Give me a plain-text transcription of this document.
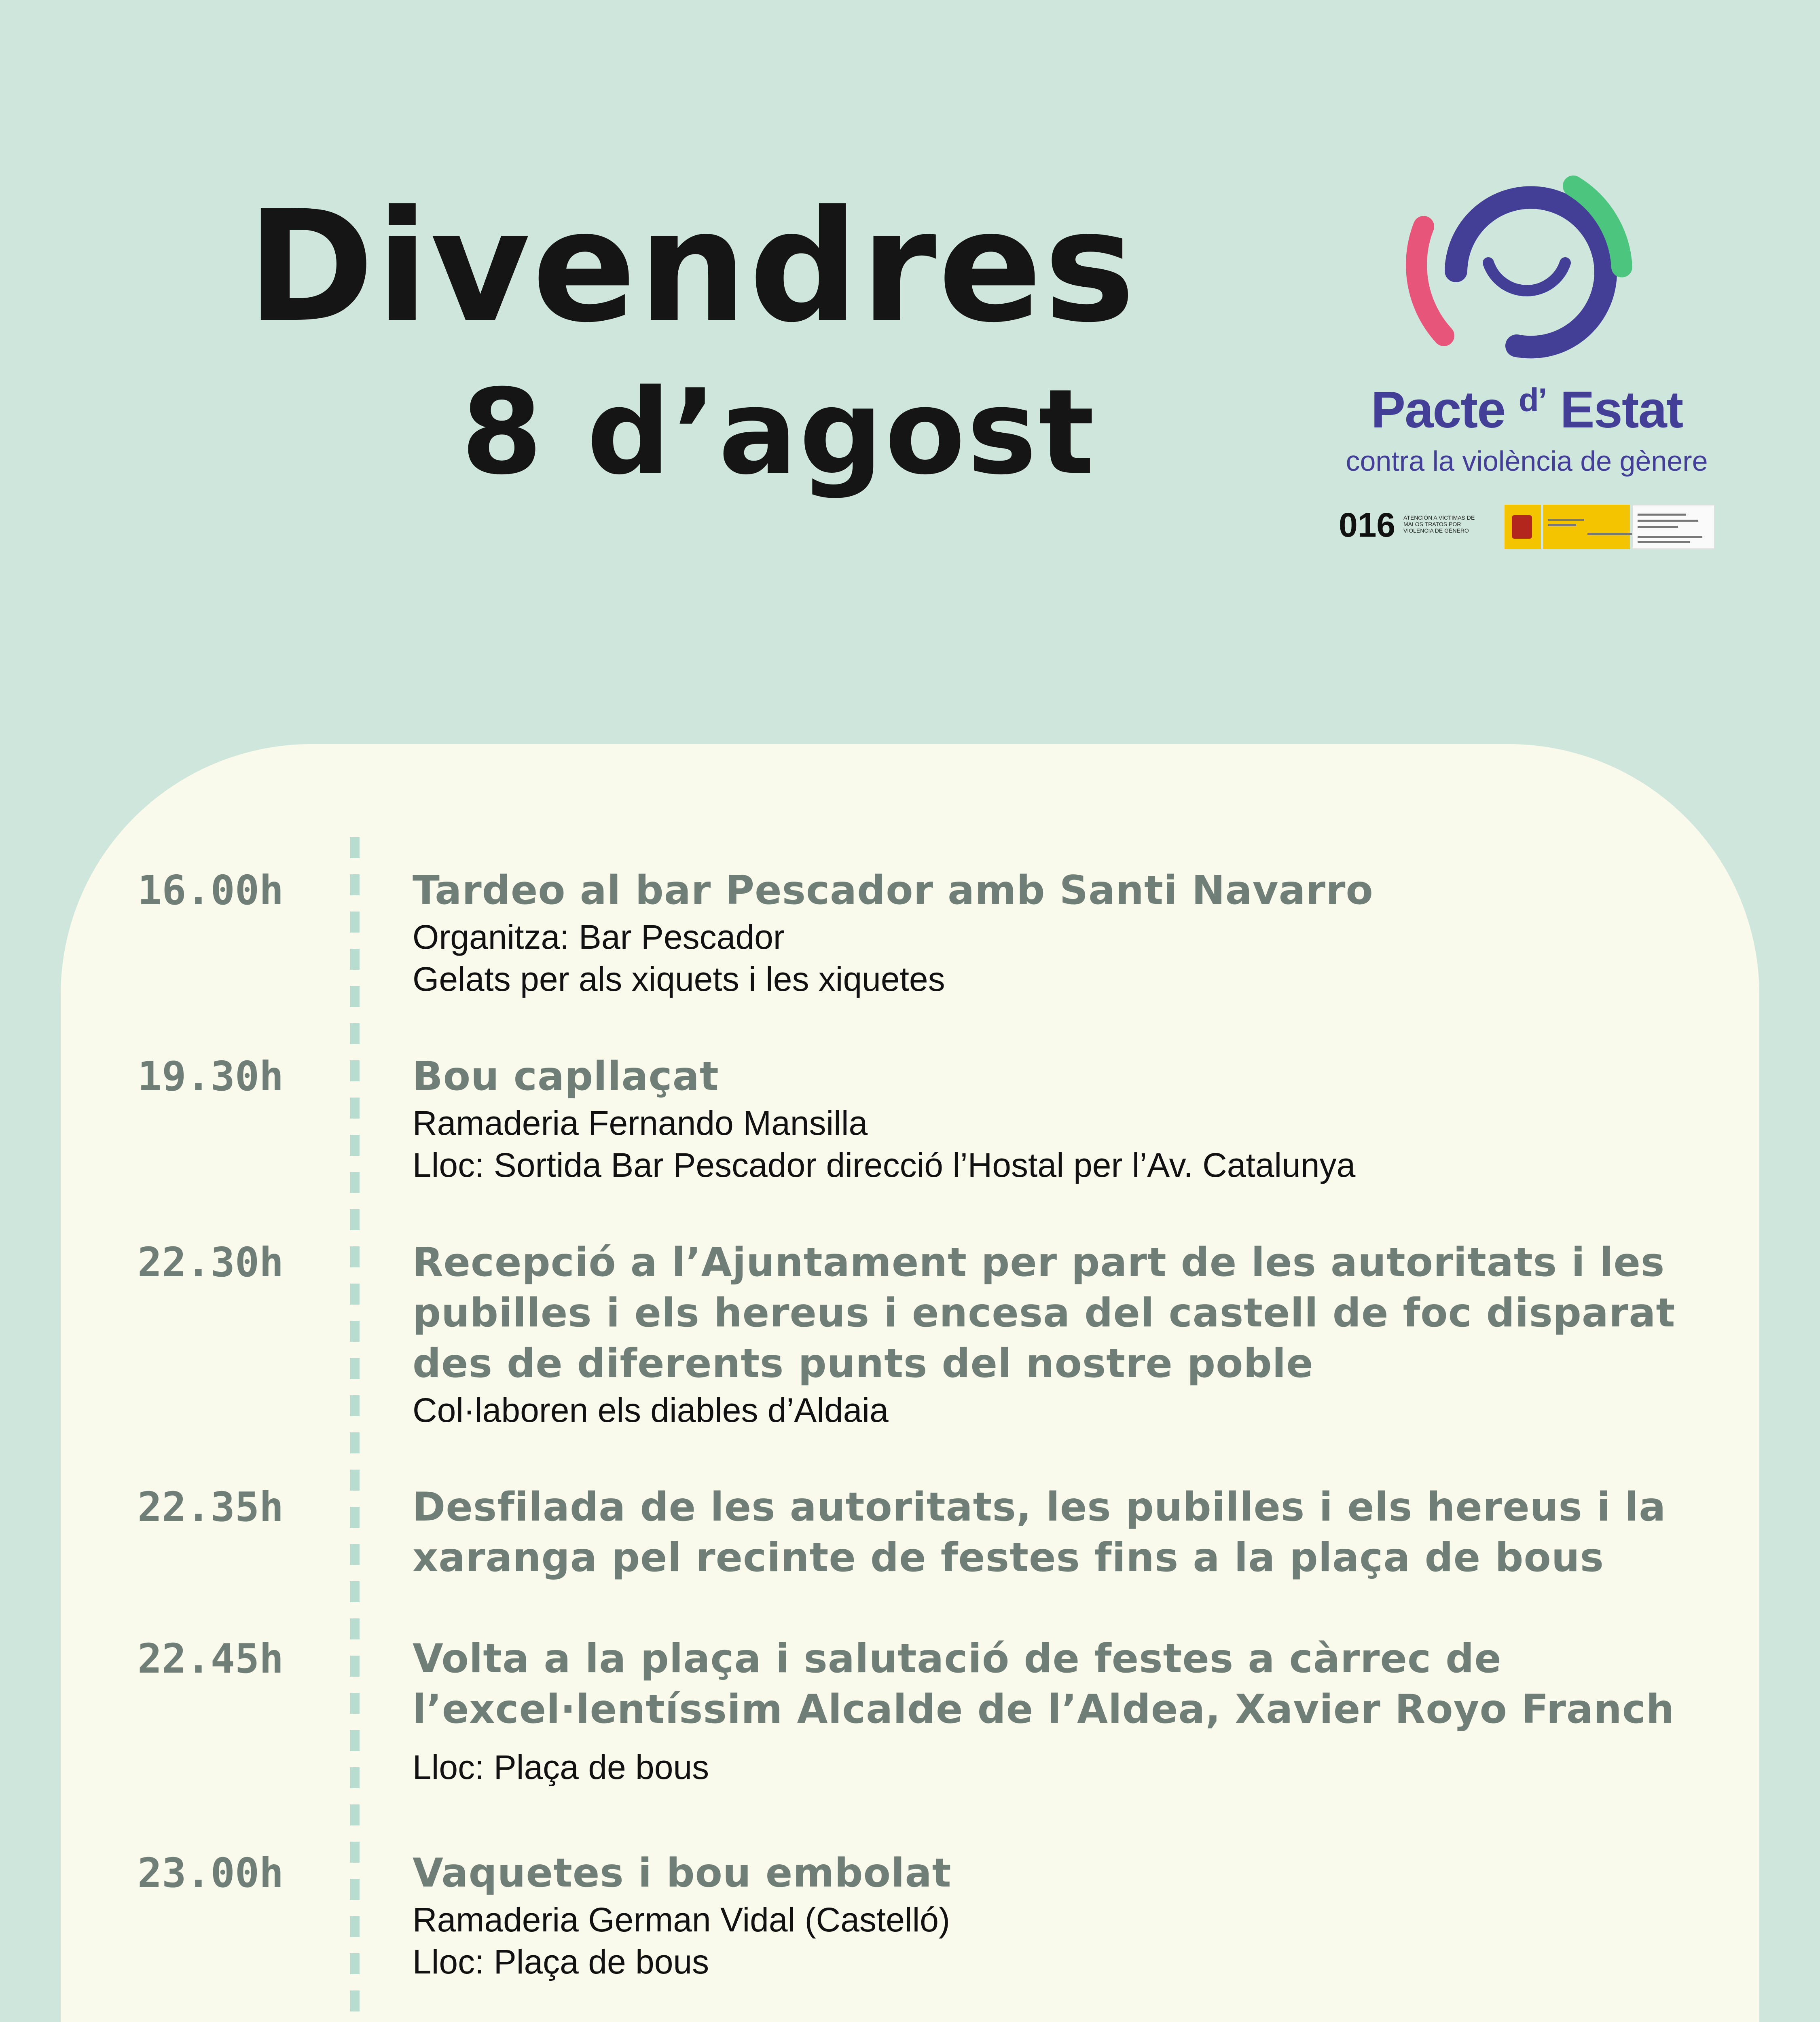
Divendres
8 d’agost	Pacte $^{d’}$ Estat
contra la violència de gènere
016 ATENCIÓN A VÍCTIMAS DE MALOS TRATOS POR VIOLENCIA DE GÉNERO
16.00h	Tardeo al bar Pescador amb Santi Navarro
Organitza: Bar Pescador
Gelats per als xiquets i les xiquetes
19.30h	Bou capllaçat
Ramaderia Fernando Mansilla
Lloc: Sortida Bar Pescador direcció l’Hostal per l’Av. Catalunya
22.30h	Recepció a l’Ajuntament per part de les autoritats i les pubilles i els hereus i encesa del castell de foc disparat des de diferents punts del nostre poble
Col·laboren els diables d’Aldaia
22.35h	Desfilada de les autoritats, les pubilles i els hereus i la xaranga pel recinte de festes fins a la plaça de bous
22.45h	Volta a la plaça i salutació de festes a càrrec de l’excel·lentíssim Alcalde de l’Aldea, Xavier Royo Franch
Lloc: Plaça de bous
23.00h	Vaquetes i bou embolat
Ramaderia German Vidal (Castelló)
Lloc: Plaça de bous
